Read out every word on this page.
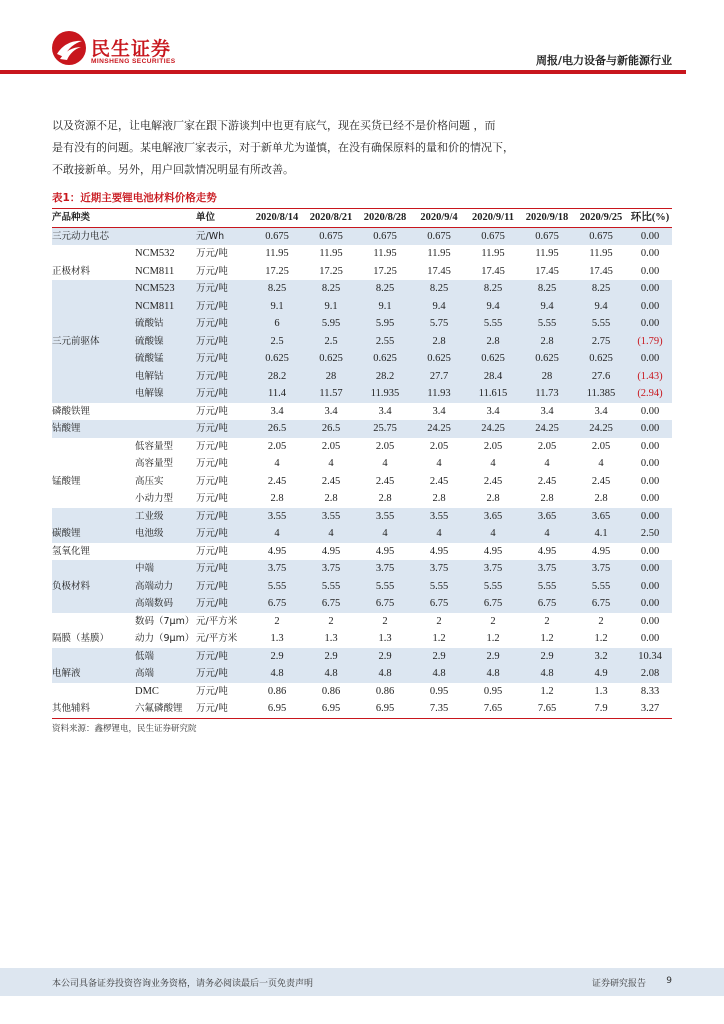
民生证券
MINSHENG SECURITIES	周报/电力设备与新能源行业

以及资源不足，让电解液厂家在跟下游谈判中也更有底气，现在买货已经不是价格问题 ，而

是有没有的问题。某电解液厂家表示，对于新单尤为谨慎，在没有确保原料的量和价的情况下，

不敢接新单。另外，用户回款情况明显有所改善。

表1：近期主要锂电池材料价格走势
产品种类		单位	2020/8/14	2020/8/21	2020/8/28	2020/9/4	2020/9/11	2020/9/18	2020/9/25	环比(%)
三元动力电芯		元/Wh	0.675	0.675	0.675	0.675	0.675	0.675	0.675	0.00
	NCM532	万元/吨	11.95	11.95	11.95	11.95	11.95	11.95	11.95	0.00
正极材料	NCM811	万元/吨	17.25	17.25	17.25	17.45	17.45	17.45	17.45	0.00
	NCM523	万元/吨	8.25	8.25	8.25	8.25	8.25	8.25	8.25	0.00
	NCM811	万元/吨	9.1	9.1	9.1	9.4	9.4	9.4	9.4	0.00
	硫酸钴	万元/吨	6	5.95	5.95	5.75	5.55	5.55	5.55	0.00
三元前驱体	硫酸镍	万元/吨	2.5	2.5	2.55	2.8	2.8	2.8	2.75	(1.79)
	硫酸锰	万元/吨	0.625	0.625	0.625	0.625	0.625	0.625	0.625	0.00
	电解钴	万元/吨	28.2	28	28.2	27.7	28.4	28	27.6	(1.43)
	电解镍	万元/吨	11.4	11.57	11.935	11.93	11.615	11.73	11.385	(2.94)
磷酸铁锂		万元/吨	3.4	3.4	3.4	3.4	3.4	3.4	3.4	0.00
钴酸锂		万元/吨	26.5	26.5	25.75	24.25	24.25	24.25	24.25	0.00
	低容量型	万元/吨	2.05	2.05	2.05	2.05	2.05	2.05	2.05	0.00
	高容量型	万元/吨	4	4	4	4	4	4	4	0.00
锰酸锂	高压实	万元/吨	2.45	2.45	2.45	2.45	2.45	2.45	2.45	0.00
	小动力型	万元/吨	2.8	2.8	2.8	2.8	2.8	2.8	2.8	0.00
	工业级	万元/吨	3.55	3.55	3.55	3.55	3.65	3.65	3.65	0.00
碳酸锂	电池级	万元/吨	4	4	4	4	4	4	4.1	2.50
氢氧化锂		万元/吨	4.95	4.95	4.95	4.95	4.95	4.95	4.95	0.00
	中端	万元/吨	3.75	3.75	3.75	3.75	3.75	3.75	3.75	0.00
负极材料	高端动力	万元/吨	5.55	5.55	5.55	5.55	5.55	5.55	5.55	0.00
	高端数码	万元/吨	6.75	6.75	6.75	6.75	6.75	6.75	6.75	0.00
	数码（7μm）	元/平方米	2	2	2	2	2	2	2	0.00
隔膜（基膜）	动力（9μm）	元/平方米	1.3	1.3	1.3	1.2	1.2	1.2	1.2	0.00
	低端	万元/吨	2.9	2.9	2.9	2.9	2.9	2.9	3.2	10.34
电解液	高端	万元/吨	4.8	4.8	4.8	4.8	4.8	4.8	4.9	2.08
	DMC	万元/吨	0.86	0.86	0.86	0.95	0.95	1.2	1.3	8.33
其他辅料	六氟磷酸锂	万元/吨	6.95	6.95	6.95	7.35	7.65	7.65	7.9	3.27
资料来源：鑫椤锂电，民生证券研究院
本公司具备证券投资咨询业务资格，请务必阅读最后一页免责声明	证券研究报告 9
